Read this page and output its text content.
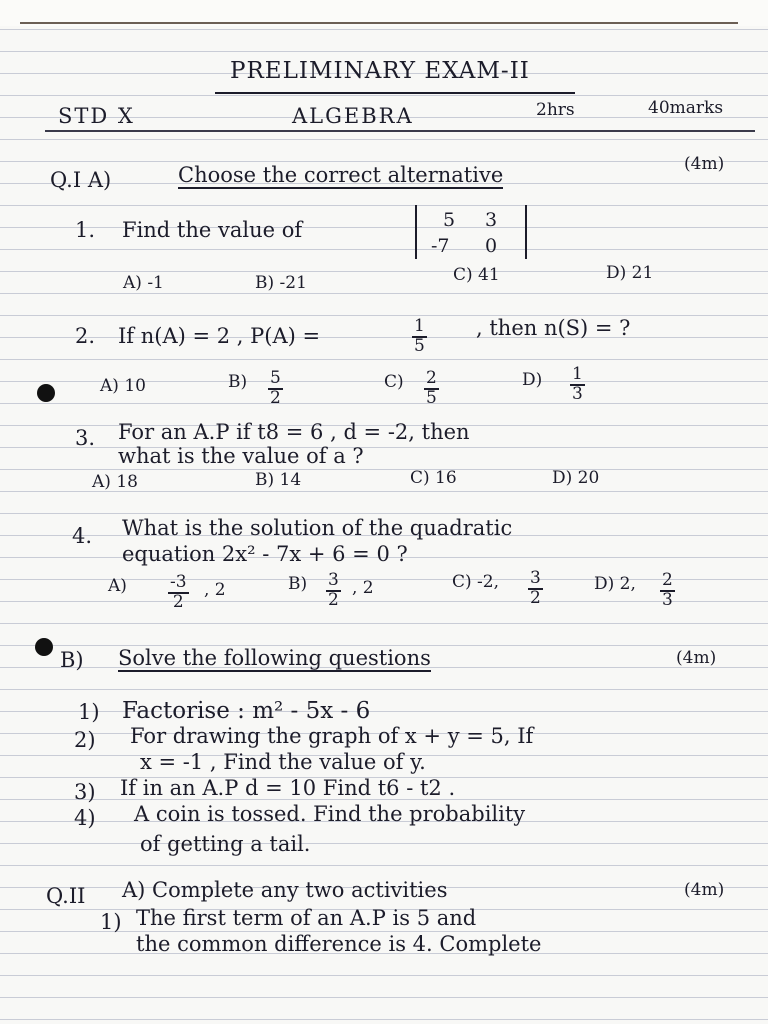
PRELIMINARY EXAM-II
STD X	ALGEBRA	2hrs	40marks
Q.I A)	Choose the correct alternative	(4m)
1. Find the value of	5 3
-7 0
A) -1	B) -21	C) 41	D) 21
2. If n(A) = 2 , P(A) =	$\frac{1}{5}$ , then n(S) = ?
A) 10	$B) \frac{5}{2}$	$C) \frac{2}{5}$	$D) \frac{1}{3}$
3. For an A.P if t8 = 6 , d = -2, then
what is the value of a ?
A) 18	B) 14	C) 16	D) 20
4. What is the solution of the quadratic
equation 2x² - 7x + 6 = 0 ?
$A) \frac{-3}{2}$ , 2	$B) \frac{3}{2}$ , 2	C) -2, $\frac{3}{2}$	D) 2, $\frac{2}{3}$
B) Solve the following questions	(4m)
1) Factorise : m² - 5x - 6
2) For drawing the graph of x + y = 5, If
x = -1 , Find the value of y.
3) If in an A.P d = 10 Find t6 - t2 .
4) A coin is tossed. Find the probability
of getting a tail.
Q.II A) Complete any two activities	(4m)
1) The first term of an A.P is 5 and
the common difference is 4. Complete
